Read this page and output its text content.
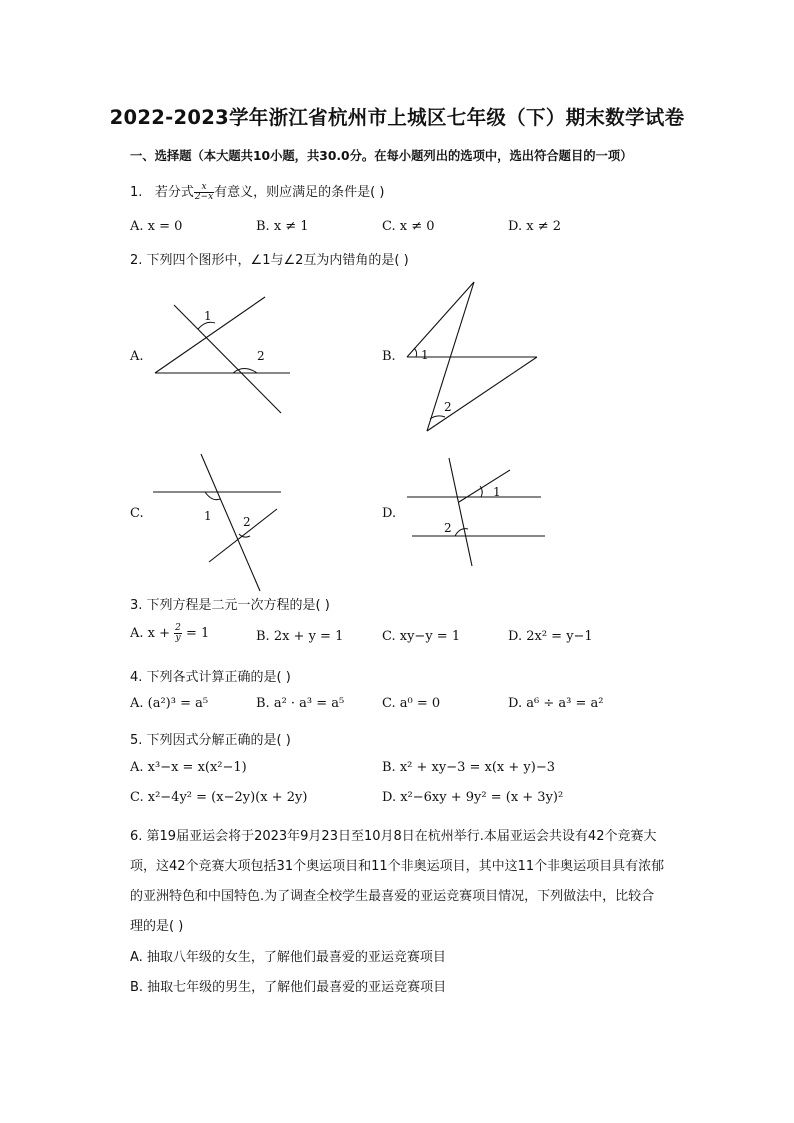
2022-2023学年浙江省杭州市上城区七年级（下）期末数学试卷
一、选择题（本大题共10小题，共30.0分。在每小题列出的选项中，选出符合题目的一项）
1. 若分式 $\frac{x}{2-x}$ 有意义，则应满足的条件是( )
A. x = 0	B. x ≠ 1	C. x ≠ 0	D. x ≠ 2
2. 下列四个图形中，∠1与∠2互为内错角的是( )
A.
1
2	1
2
1	2
1
2
B.
C.	D.
3. 下列方程是二元一次方程的是( )
A. $x + \frac{2}{y} = 1$	B. 2x + y = 1	C. xy−y = 1	D. 2x² = y−1
4. 下列各式计算正确的是( )
A. (a²)³ = a⁵	B. a² · a³ = a⁵	C. a⁰ = 0	D. a⁶ ÷ a³ = a²
5. 下列因式分解正确的是( )
A. x³−x = x(x²−1)	B. x² + xy−3 = x(x + y)−3
C. x²−4y² = (x−2y)(x + 2y)	D. x²−6xy + 9y² = (x + 3y)²
6. 第19届亚运会将于2023年9月23日至10月8日在杭州举行.本届亚运会共设有42个竞赛大
项，这42个竞赛大项包括31个奥运项目和11个非奥运项目，其中这11个非奥运项目具有浓郁
的亚洲特色和中国特色.为了调查全校学生最喜爱的亚运竞赛项目情况，下列做法中，比较合
理的是( )
A. 抽取八年级的女生，了解他们最喜爱的亚运竞赛项目
B. 抽取七年级的男生，了解他们最喜爱的亚运竞赛项目
